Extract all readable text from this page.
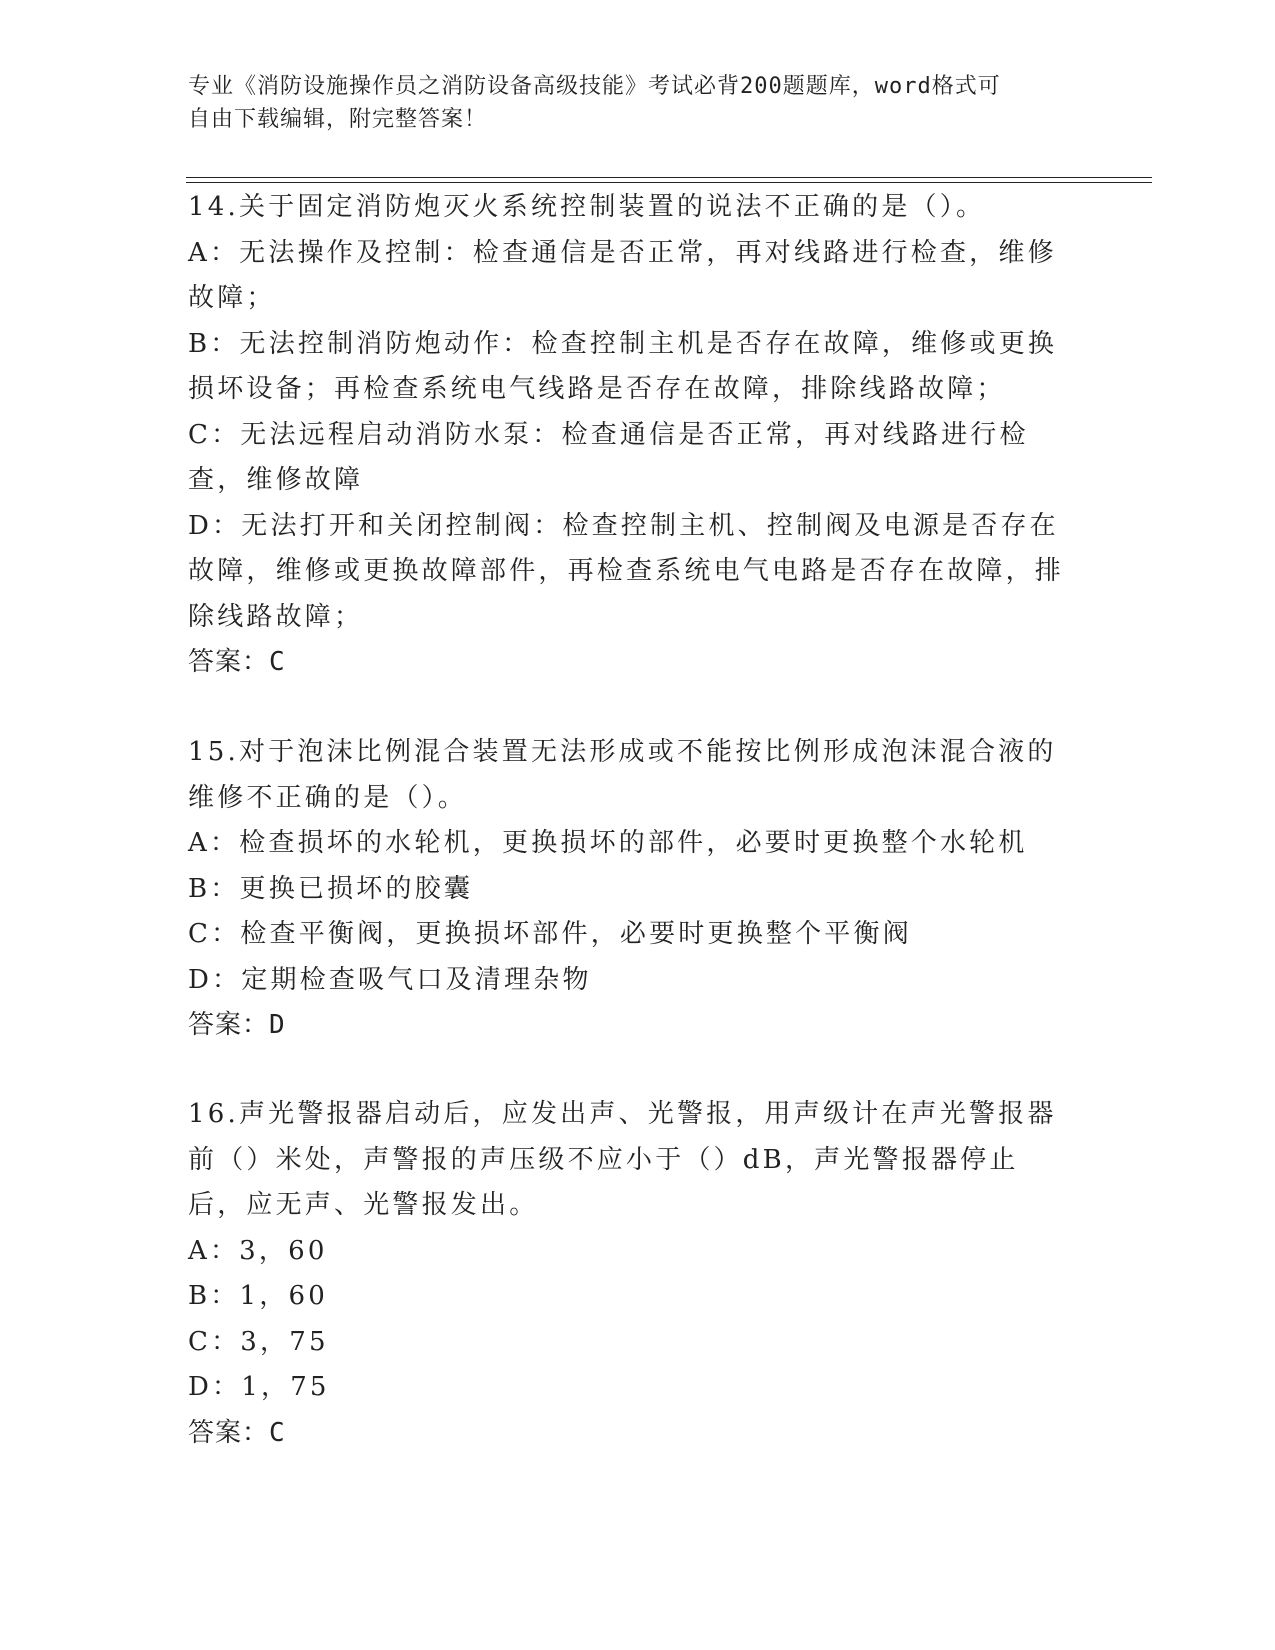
专业《消防设施操作员之消防设备高级技能》考试必背200题题库，word格式可
自由下载编辑，附完整答案！
14.关于固定消防炮灭火系统控制装置的说法不正确的是（）。
A：无法操作及控制：检查通信是否正常，再对线路进行检查，维修故障；
B：无法控制消防炮动作：检查控制主机是否存在故障，维修或更换损坏设备；再检查系统电气线路是否存在故障，排除线路故障；
C：无法远程启动消防水泵：检查通信是否正常，再对线路进行检查，维修故障
D：无法打开和关闭控制阀：检查控制主机、控制阀及电源是否存在故障，维修或更换故障部件，再检查系统电气电路是否存在故障，排除线路故障；
答案：C
15.对于泡沫比例混合装置无法形成或不能按比例形成泡沫混合液的维修不正确的是（）。
A：检查损坏的水轮机，更换损坏的部件，必要时更换整个水轮机
B：更换已损坏的胶囊
C：检查平衡阀，更换损坏部件，必要时更换整个平衡阀
D：定期检查吸气口及清理杂物
答案：D
16.声光警报器启动后，应发出声、光警报，用声级计在声光警报器前（）米处，声警报的声压级不应小于（）dB，声光警报器停止后，应无声、光警报发出。
A：3，60
B：1，60
C：3，75
D：1，75
答案：C
